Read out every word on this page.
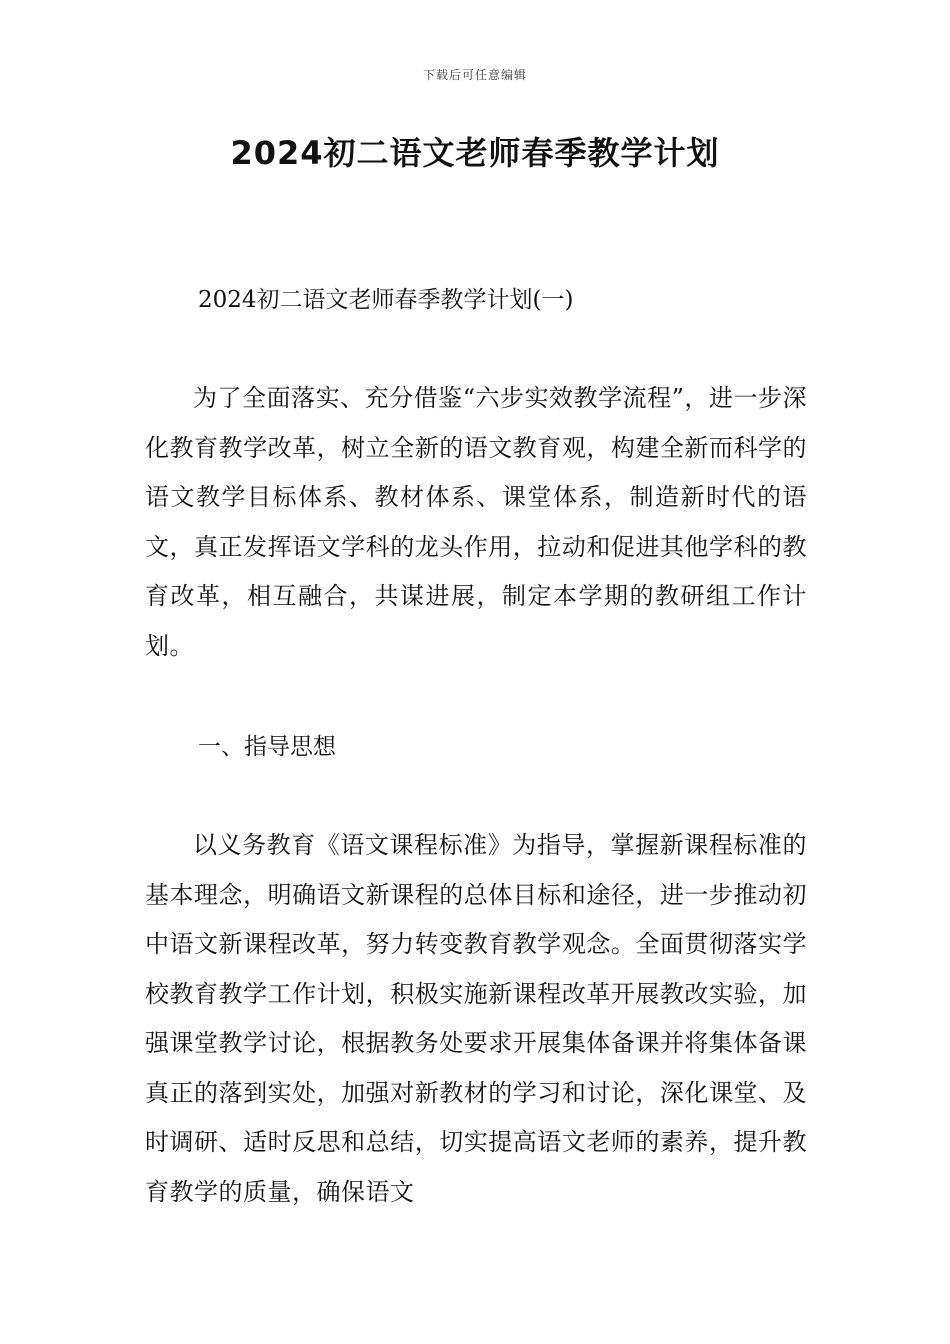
下载后可任意编辑
2024初二语文老师春季教学计划
2024初二语文老师春季教学计划(一)

为了全面落实、充分借鉴“六步实效教学流程”，进一步深化教育教学改革，树立全新的语文教育观，构建全新而科学的语文教学目标体系、教材体系、课堂体系，制造新时代的语文，真正发挥语文学科的龙头作用，拉动和促进其他学科的教育改革，相互融合，共谋进展，制定本学期的教研组工作计划。

一、指导思想

以义务教育《语文课程标准》为指导，掌握新课程标准的基本理念，明确语文新课程的总体目标和途径，进一步推动初中语文新课程改革，努力转变教育教学观念。全面贯彻落实学校教育教学工作计划，积极实施新课程改革开展教改实验，加强课堂教学讨论，根据教务处要求开展集体备课并将集体备课真正的落到实处，加强对新教材的学习和讨论，深化课堂、及时调研、适时反思和总结，切实提高语文老师的素养，提升教育教学的质量，确保语文
